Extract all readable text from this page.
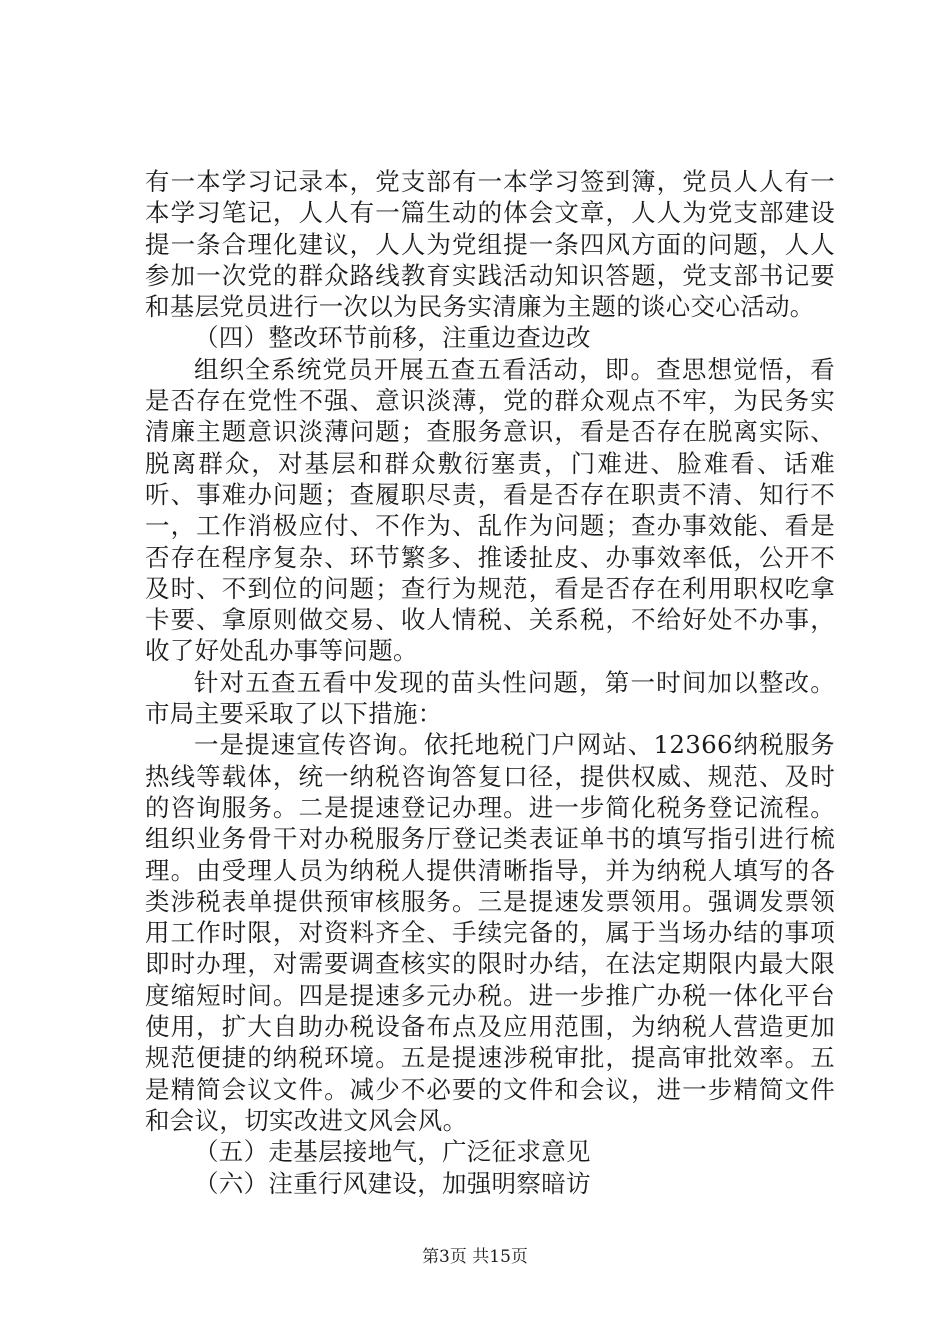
有一本学习记录本，党支部有一本学习签到簿，党员人人有一本学习笔记，人人有一篇生动的体会文章，人人为党支部建设提一条合理化建议，人人为党组提一条四风方面的问题，人人参加一次党的群众路线教育实践活动知识答题，党支部书记要和基层党员进行一次以为民务实清廉为主题的谈心交心活动。

（四）整改环节前移，注重边查边改

组织全系统党员开展五查五看活动，即。查思想觉悟，看是否存在党性不强、意识淡薄，党的群众观点不牢，为民务实清廉主题意识淡薄问题；查服务意识，看是否存在脱离实际、脱离群众，对基层和群众敷衍塞责，门难进、脸难看、话难听、事难办问题；查履职尽责，看是否存在职责不清、知行不一，工作消极应付、不作为、乱作为问题；查办事效能、看是否存在程序复杂、环节繁多、推诿扯皮、办事效率低，公开不及时、不到位的问题；查行为规范，看是否存在利用职权吃拿卡要、拿原则做交易、收人情税、关系税，不给好处不办事，收了好处乱办事等问题。

针对五查五看中发现的苗头性问题，第一时间加以整改。市局主要采取了以下措施：

一是提速宣传咨询。依托地税门户网站、12366纳税服务热线等载体，统一纳税咨询答复口径，提供权威、规范、及时的咨询服务。二是提速登记办理。进一步简化税务登记流程。组织业务骨干对办税服务厅登记类表证单书的填写指引进行梳理。由受理人员为纳税人提供清晰指导，并为纳税人填写的各类涉税表单提供预审核服务。三是提速发票领用。强调发票领用工作时限，对资料齐全、手续完备的，属于当场办结的事项即时办理，对需要调查核实的限时办结，在法定期限内最大限度缩短时间。四是提速多元办税。进一步推广办税一体化平台使用，扩大自助办税设备布点及应用范围，为纳税人营造更加规范便捷的纳税环境。五是提速涉税审批，提高审批效率。五是精简会议文件。减少不必要的文件和会议，进一步精简文件和会议，切实改进文风会风。

（五）走基层接地气，广泛征求意见

（六）注重行风建设，加强明察暗访

第3页 共15页
